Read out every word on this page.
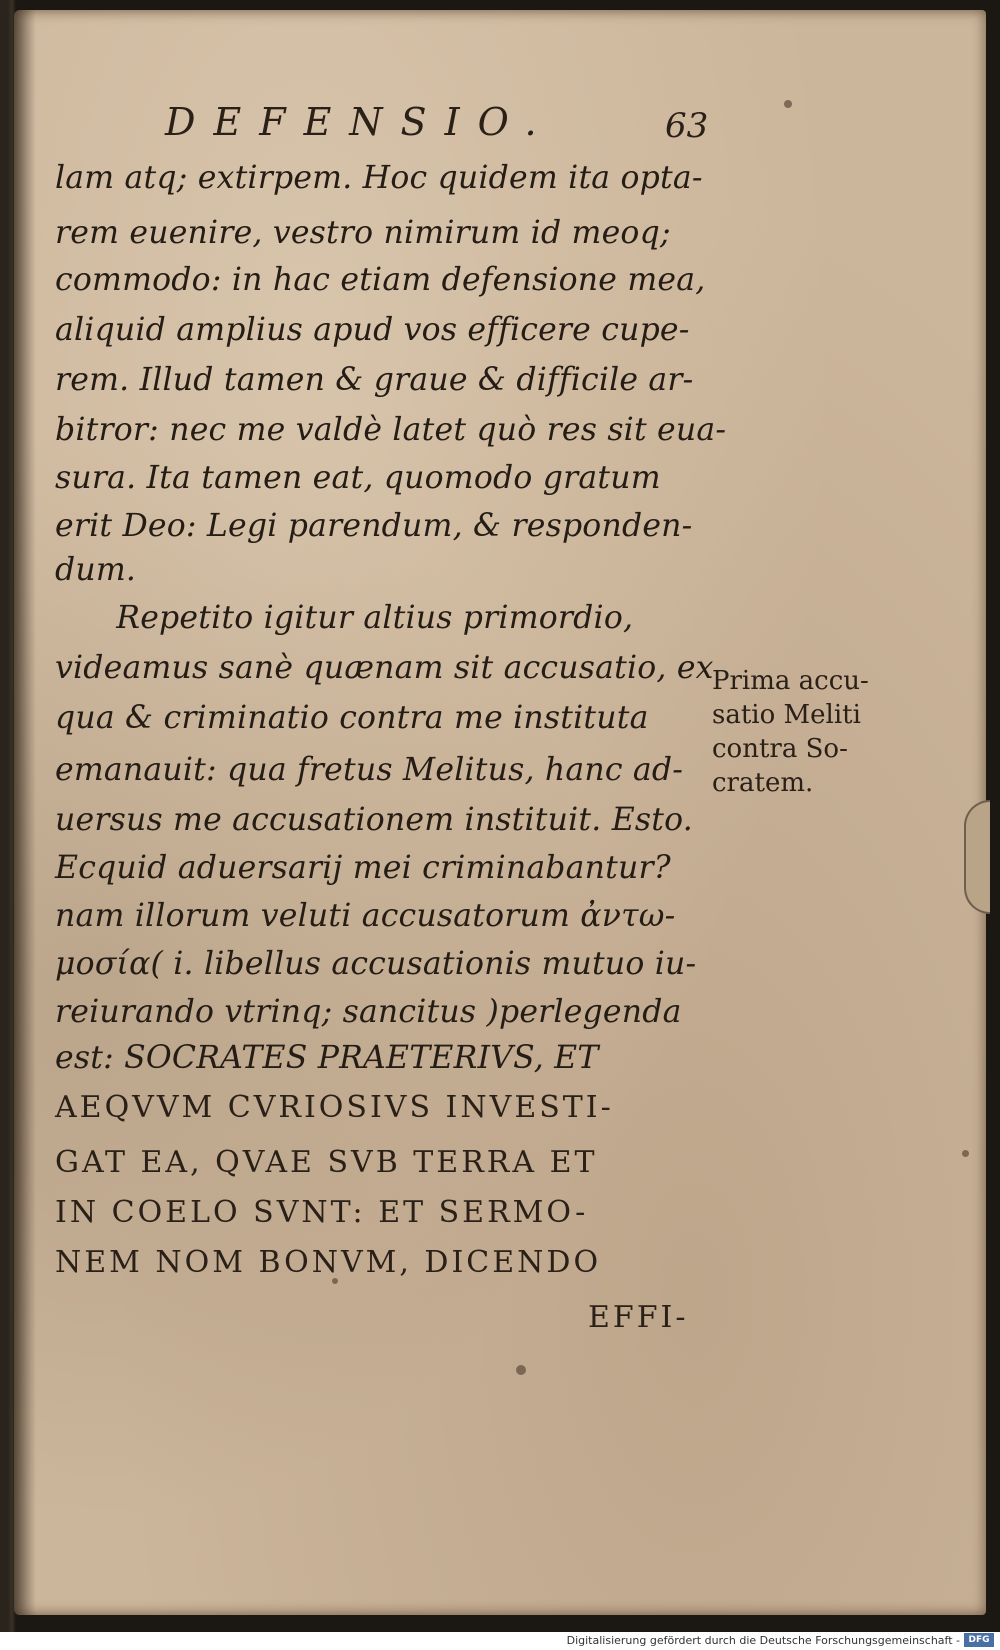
DEFENSIO.	63
lam atq; extirpem. Hoc quidem ita opta-
rem euenire, vestro nimirum id meoq;
commodo: in hac etiam defensione mea,
aliquid amplius apud vos efficere cupe-
rem. Illud tamen & graue & difficile ar-
bitror: nec me valdè latet quò res sit eua-
sura. Ita tamen eat, quomodo gratum
erit Deo: Legi parendum, & responden-
dum.
Repetito igitur altius primordio,
videamus sanè quænam sit accusatio, ex
qua & criminatio contra me instituta
emanauit: qua fretus Melitus, hanc ad-
uersus me accusationem instituit. Esto.
Ecquid aduersarij mei criminabantur?
nam illorum veluti accusatorum ἀντω-
μοσία( i. libellus accusationis mutuo iu-
reiurando vtrinq; sancitus )perlegenda
est: SOCRATES PRAETERIVS, ET
AEQVVM CVRIOSIVS INVESTI-
GAT EA, QVAE SVB TERRA ET
IN COELO SVNT: ET SERMO-
NEM NOM BONVM, DICENDO
EFFI-
Prima accu-
satio Meliti
contra So-
cratem.
Digitalisierung gefördert durch die Deutsche Forschungsgemeinschaft - DFG
